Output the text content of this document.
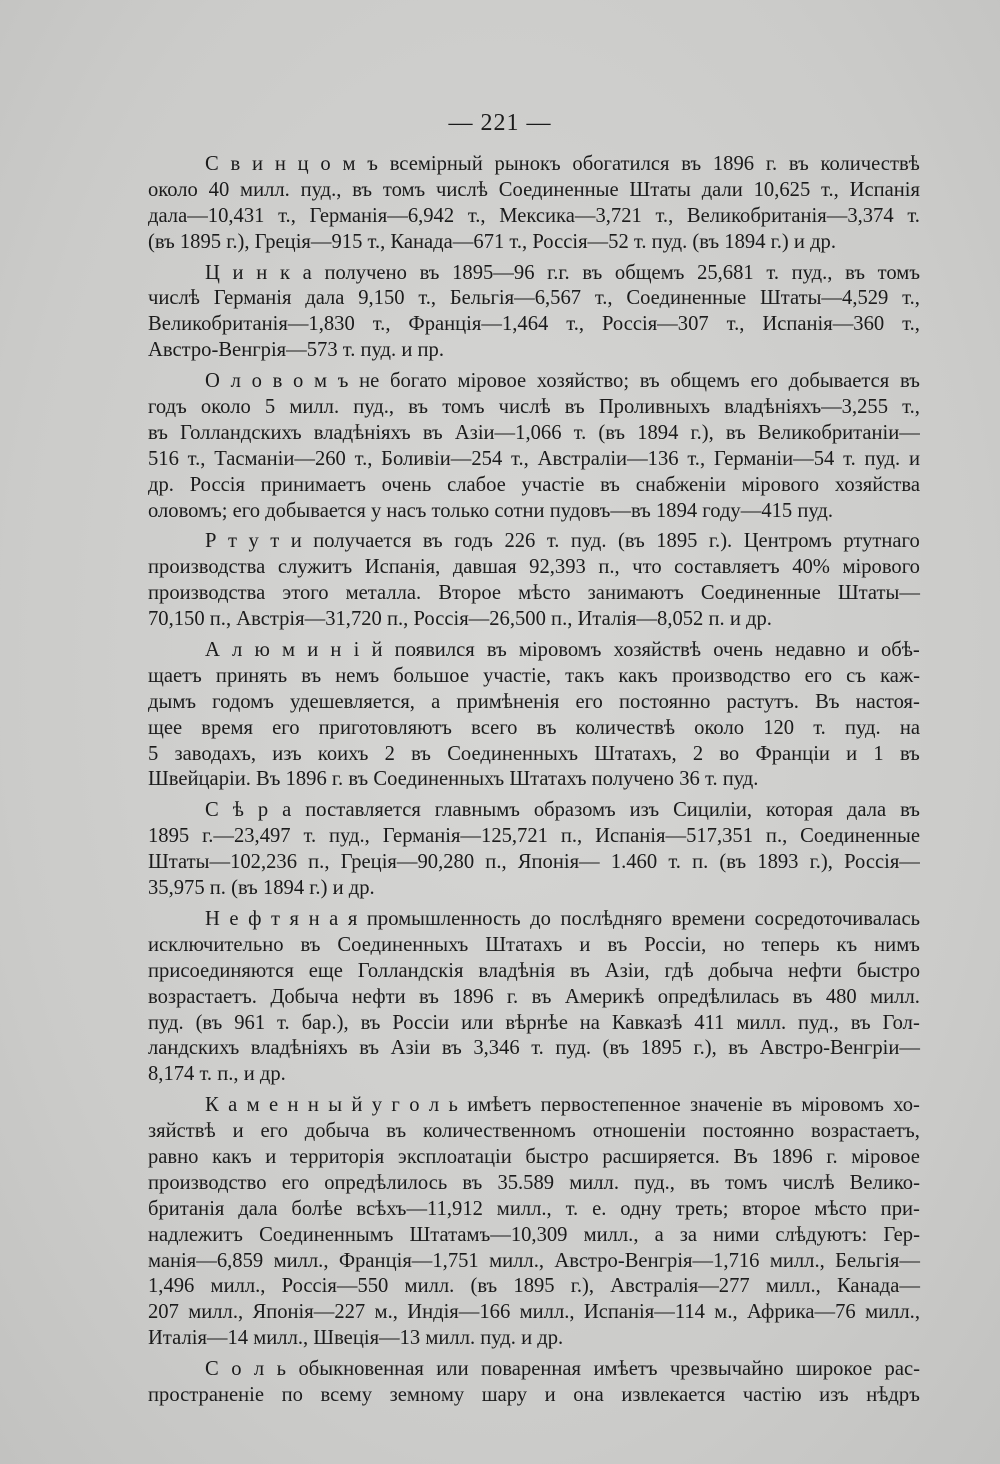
— 221 —
С в и н ц о м ъ всемірный рынокъ обогатился въ 1896 г. въ количествѣ
около 40 милл. пуд., въ томъ числѣ Соединенные Штаты дали 10,625 т., Испанія
дала—10,431 т., Германія—6,942 т., Мексика—3,721 т., Великобританія—3,374 т.
(въ 1895 г.), Греція—915 т., Канада—671 т., Россія—52 т. пуд. (въ 1894 г.) и др.
Ц и н к а получено въ 1895—96 г.г. въ общемъ 25,681 т. пуд., въ томъ
числѣ Германія дала 9,150 т., Бельгія—6,567 т., Соединенные Штаты—4,529 т.,
Великобританія—1,830 т., Франція—1,464 т., Россія—307 т., Испанія—360 т.,
Австро-Венгрія—573 т. пуд. и пр.
О л о в о м ъ не богато міровое хозяйство; въ общемъ его добывается въ
годъ около 5 милл. пуд., въ томъ числѣ въ Проливныхъ владѣніяхъ—3,255 т.,
въ Голландскихъ владѣніяхъ въ Азіи—1,066 т. (въ 1894 г.), въ Великобританіи—
516 т., Тасманіи—260 т., Боливіи—254 т., Австраліи—136 т., Германіи—54 т. пуд. и
др. Россія принимаетъ очень слабое участіе въ снабженіи мірового хозяйства
оловомъ; его добывается у насъ только сотни пудовъ—въ 1894 году—415 пуд.
Р т у т и получается въ годъ 226 т. пуд. (въ 1895 г.). Центромъ ртутнаго
производства служитъ Испанія, давшая 92,393 п., что составляетъ 40% мірового
производства этого металла. Второе мѣсто занимаютъ Соединенные Штаты—
70,150 п., Австрія—31,720 п., Россія—26,500 п., Италія—8,052 п. и др.
А л ю м и н і й появился въ міровомъ хозяйствѣ очень недавно и обѣ-
щаетъ принять въ немъ большое участіе, такъ какъ производство его съ каж-
дымъ годомъ удешевляется, а примѣненія его постоянно растутъ. Въ настоя-
щее время его приготовляютъ всего въ количествѣ около 120 т. пуд. на
5 заводахъ, изъ коихъ 2 въ Соединенныхъ Штатахъ, 2 во Франціи и 1 въ
Швейцаріи. Въ 1896 г. въ Соединенныхъ Штатахъ получено 36 т. пуд.
С ѣ р а поставляется главнымъ образомъ изъ Сициліи, которая дала въ
1895 г.—23,497 т. пуд., Германія—125,721 п., Испанія—517,351 п., Соединенные
Штаты—102,236 п., Греція—90,280 п., Японія— 1.460 т. п. (въ 1893 г.), Россія—
35,975 п. (въ 1894 г.) и др.
Н е ф т я н а я промышленность до послѣдняго времени сосредоточивалась
исключительно въ Соединенныхъ Штатахъ и въ Россіи, но теперь къ нимъ
присоединяются еще Голландскія владѣнія въ Азіи, гдѣ добыча нефти быстро
возрастаетъ. Добыча нефти въ 1896 г. въ Америкѣ опредѣлилась въ 480 милл.
пуд. (въ 961 т. бар.), въ Россіи или вѣрнѣе на Кавказѣ 411 милл. пуд., въ Гол-
ландскихъ владѣніяхъ въ Азіи въ 3,346 т. пуд. (въ 1895 г.), въ Австро-Венгріи—
8,174 т. п., и др.
К а м е н н ы й у г о л ь имѣетъ первостепенное значеніе въ міровомъ хо-
зяйствѣ и его добыча въ количественномъ отношеніи постоянно возрастаетъ,
равно какъ и территорія эксплоатаціи быстро расширяется. Въ 1896 г. міровое
производство его опредѣлилось въ 35.589 милл. пуд., въ томъ числѣ Велико-
британія дала болѣе всѣхъ—11,912 милл., т. е. одну треть; второе мѣсто при-
надлежитъ Соединеннымъ Штатамъ—10,309 милл., а за ними слѣдуютъ: Гер-
манія—6,859 милл., Франція—1,751 милл., Австро-Венгрія—1,716 милл., Бельгія—
1,496 милл., Россія—550 милл. (въ 1895 г.), Австралія—277 милл., Канада—
207 милл., Японія—227 м., Индія—166 милл., Испанія—114 м., Африка—76 милл.,
Италія—14 милл., Швеція—13 милл. пуд. и др.
С о л ь обыкновенная или поваренная имѣетъ чрезвычайно широкое рас-
пространеніе по всему земному шару и она извлекается частію изъ нѣдръ
